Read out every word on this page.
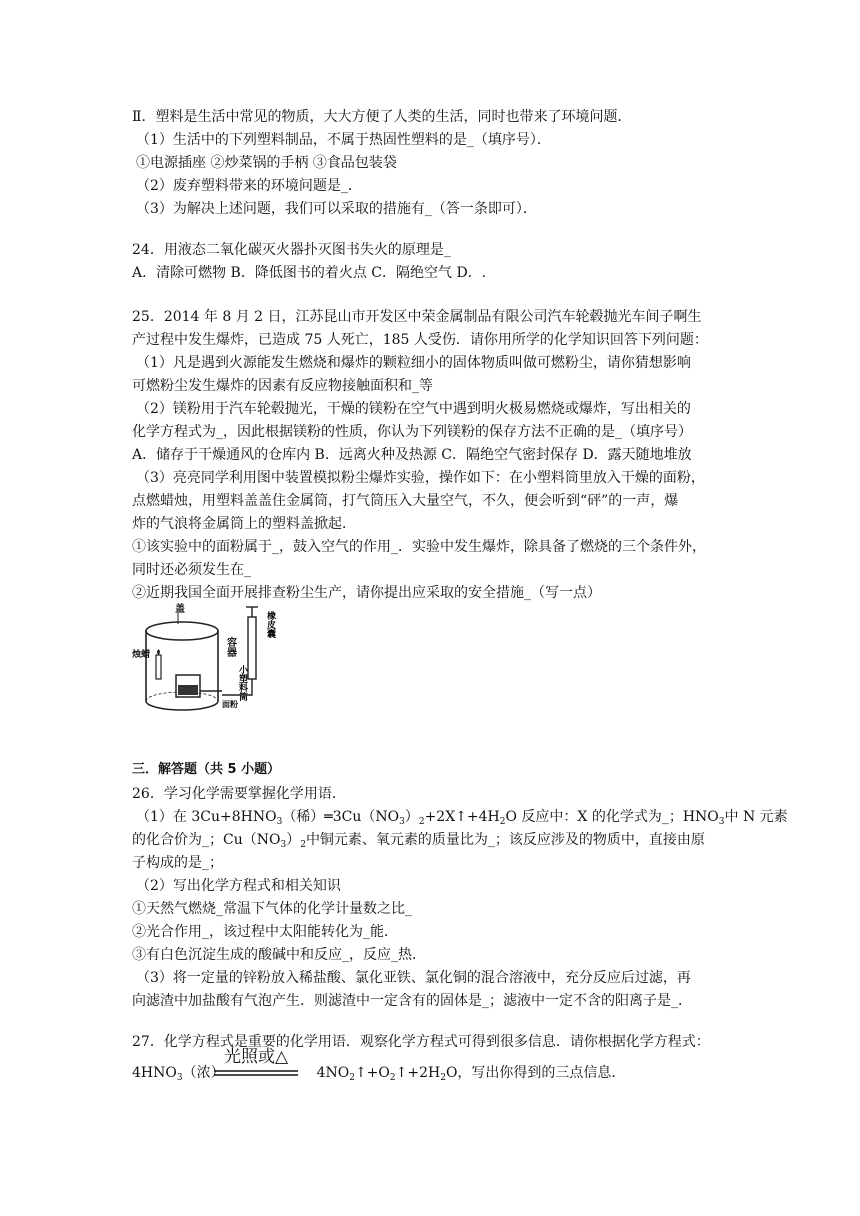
Ⅱ．塑料是生活中常见的物质，大大方便了人类的生活，同时也带来了环境问题．
（1）生活中的下列塑料制品，不属于热固性塑料的是_（填序号）．
①电源插座 ②炒菜锅的手柄 ③食品包装袋
（2）废弃塑料带来的环境问题是_．
（3）为解决上述问题，我们可以采取的措施有_（答一条即可）．
24．用液态二氧化碳灭火器扑灭图书失火的原理是_
A．清除可燃物 B．降低图书的着火点 C．隔绝空气 D．.
25．2014 年 8 月 2 日，江苏昆山市开发区中荣金属制品有限公司汽车轮毂抛光车间子啊生
产过程中发生爆炸，已造成 75 人死亡，185 人受伤．请你用所学的化学知识回答下列问题：
（1）凡是遇到火源能发生燃烧和爆炸的颗粒细小的固体物质叫做可燃粉尘，请你猜想影响
可燃粉尘发生爆炸的因素有反应物接触面积和_等
（2）镁粉用于汽车轮毂抛光，干燥的镁粉在空气中遇到明火极易燃烧或爆炸，写出相关的
化学方程式为_，因此根据镁粉的性质，你认为下列镁粉的保存方法不正确的是_（填序号）
A．储存于干燥通风的仓库内 B．远离火种及热源 C．隔绝空气密封保存 D．露天随地堆放
（3）亮亮同学利用图中装置模拟粉尘爆炸实验，操作如下：在小塑料筒里放入干燥的面粉，
点燃蜡烛，用塑料盖盖住金属筒，打气筒压入大量空气，不久，便会听到“砰”的一声，爆
炸的气浪将金属筒上的塑料盖掀起．
①该实验中的面粉属于_，鼓入空气的作用_．实验中发生爆炸，除具备了燃烧的三个条件外，
同时还必须发生在_
②近期我国全面开展排查粉尘生产，请你提出应采取的安全措施_（写一点）
盖
烛蜡	容器
小塑料筒
橡皮囊
面粉
三．解答题（共 5 小题）
26．学习化学需要掌握化学用语．
（1）在 $3Cu+8HNO_3$（稀）$═3Cu(NO_3)_2+2X↑+4H_2O$ 反应中：X 的化学式为_；$HNO_3$中 N 元素
的化合价为_；$Cu(NO_3)_2$中铜元素、氧元素的质量比为_；该反应涉及的物质中，直接由原
子构成的是_；
（2）写出化学方程式和相关知识
①天然气燃烧_常温下气体的化学计量数之比_
②光合作用_，该过程中太阳能转化为_能．
③有白色沉淀生成的酸碱中和反应_，反应_热．
（3）将一定量的锌粉放入稀盐酸、氯化亚铁、氯化铜的混合溶液中，充分反应后过滤，再
向滤渣中加盐酸有气泡产生．则滤渣中一定含有的固体是_；滤液中一定不含的阳离子是_．
27．化学方程式是重要的化学用语．观察化学方程式可得到很多信息．请你根据化学方程式：
光照或△
$4HNO_3$（浓）	$4NO_2↑+O_2↑+2H_2O$，写出你得到的三点信息．
